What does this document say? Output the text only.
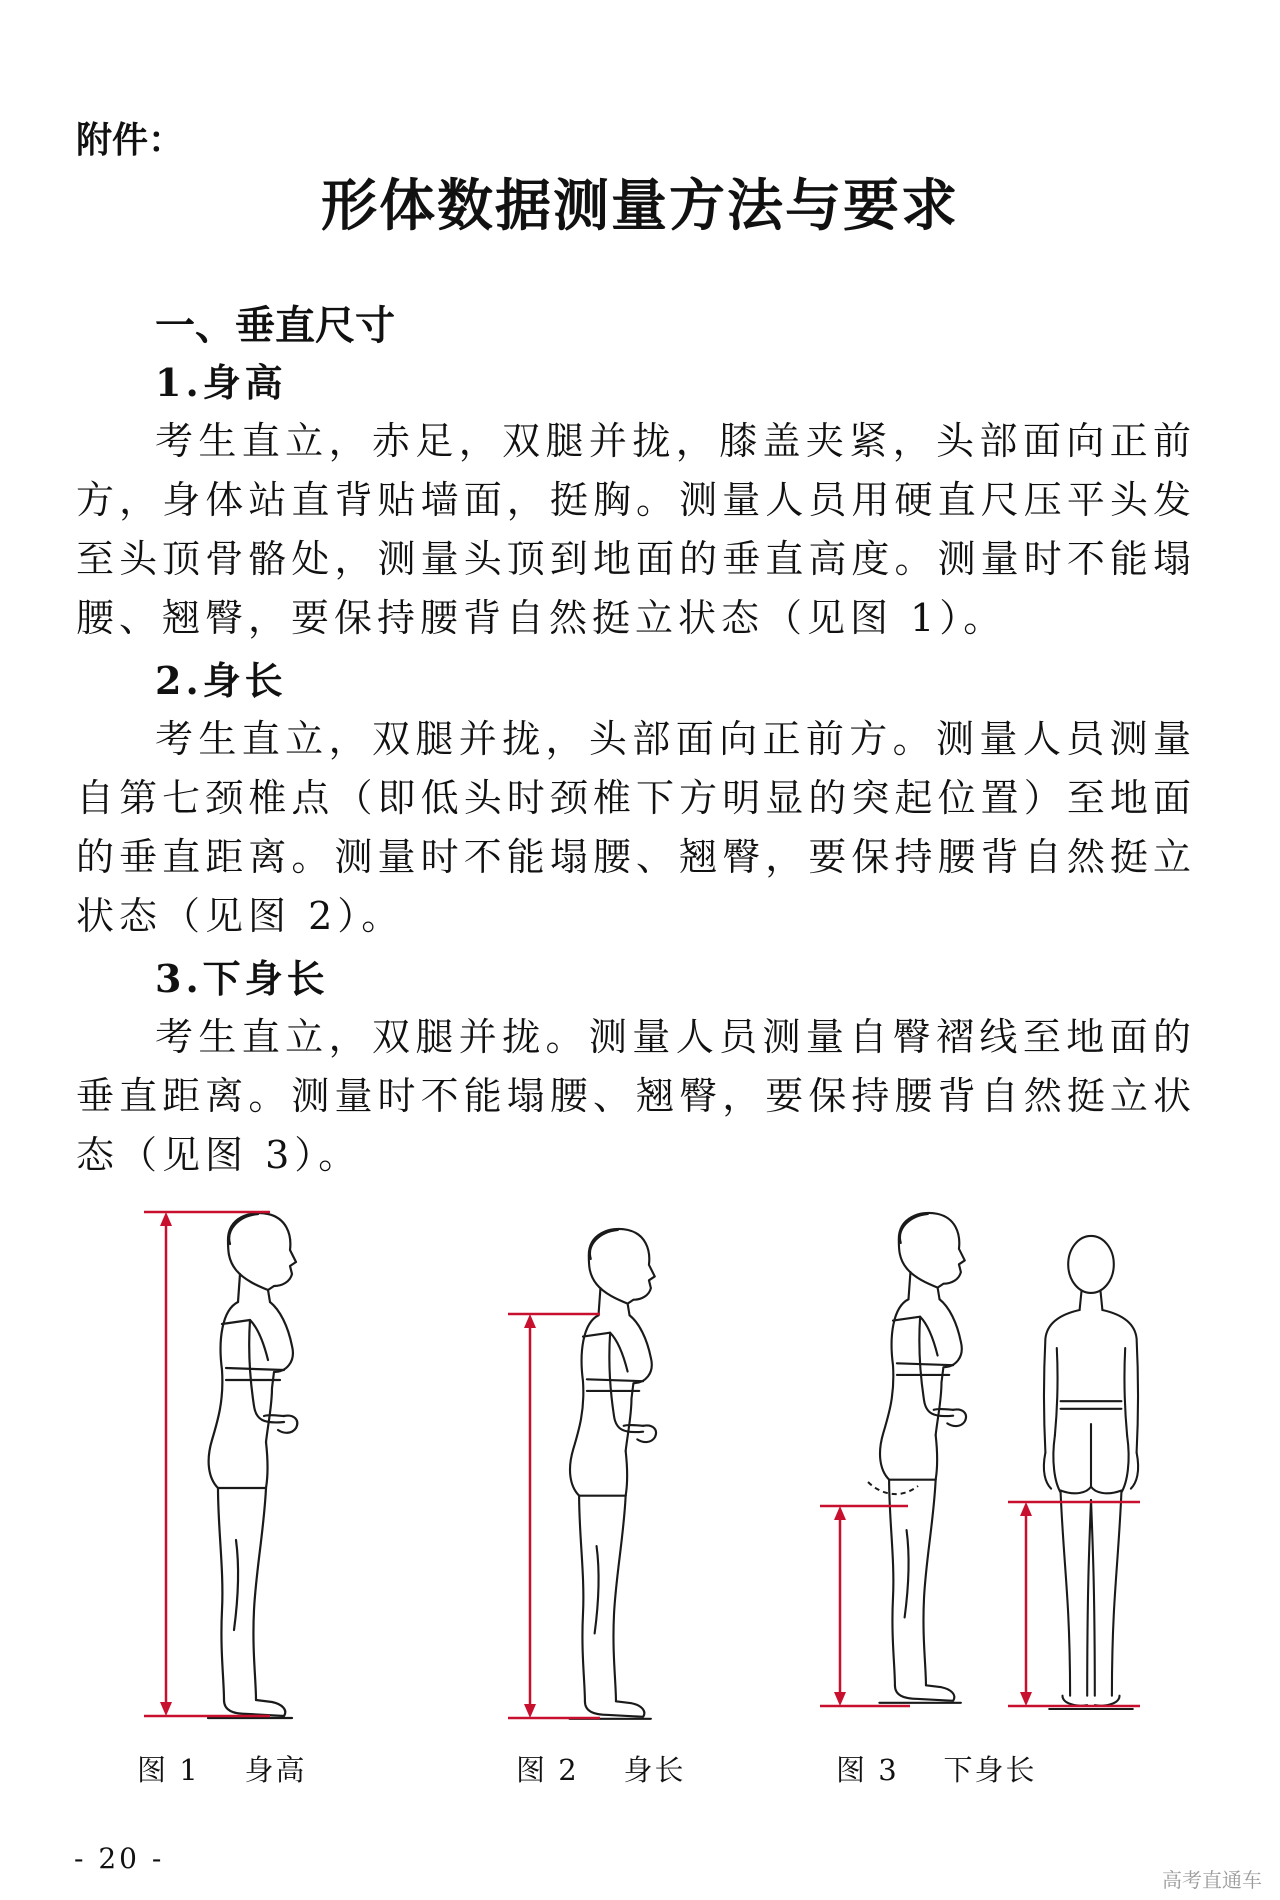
附件：

形体数据测量方法与要求
一、垂直尺寸
1.身高

考生直立，赤足，双腿并拢，膝盖夹紧，头部面向正前方，身体站直背贴墙面，挺胸。测量人员用硬直尺压平头发至头顶骨骼处，测量头顶到地面的垂直高度。测量时不能塌腰、翘臀，要保持腰背自然挺立状态（见图 1）。

2.身长

考生直立，双腿并拢，头部面向正前方。测量人员测量自第七颈椎点（即低头时颈椎下方明显的突起位置）至地面的垂直距离。测量时不能塌腰、翘臀，要保持腰背自然挺立状态（见图 2）。

3.下身长

考生直立，双腿并拢。测量人员测量自臀褶线至地面的垂直距离。测量时不能塌腰、翘臀，要保持腰背自然挺立状态（见图 3）。

图 1    身高	图 2    身长	图 3    下身长

- 20 -

高考直通车
